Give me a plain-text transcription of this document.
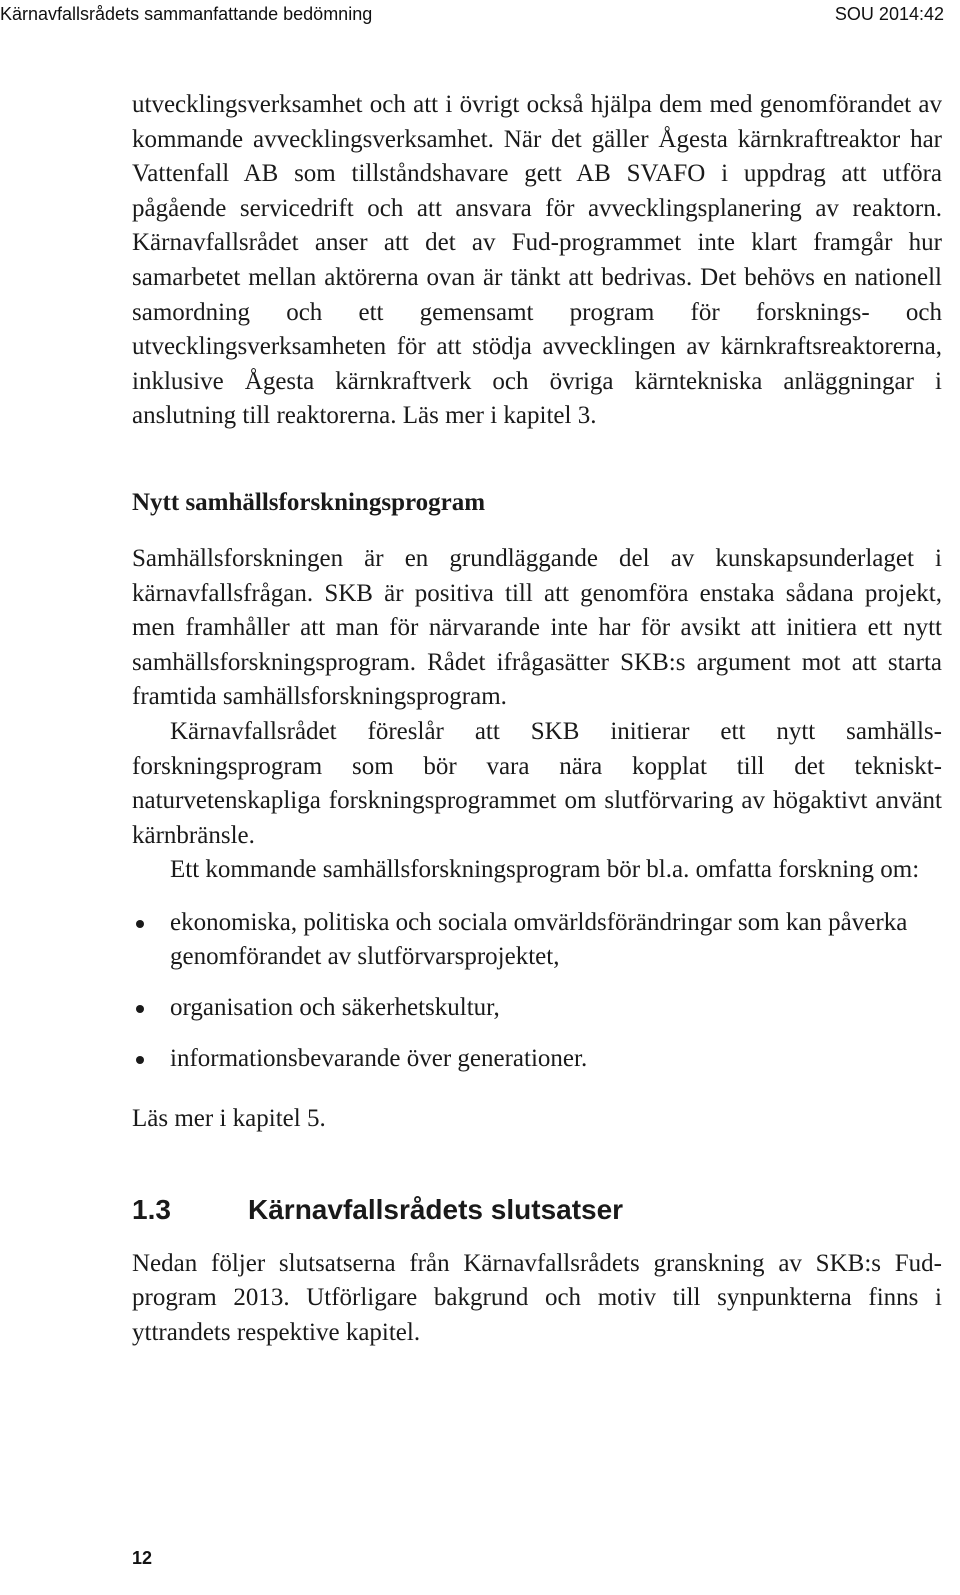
Kärnavfallsrådets sammanfattande bedömning	SOU 2014:42

utvecklingsverksamhet och att i övrigt också hjälpa dem med genomförandet av kommande avvecklingsverksamhet. När det gäller Ågesta kärnkraftreaktor har Vattenfall AB som tillståndshavare gett AB SVAFO i uppdrag att utföra pågående servicedrift och att ansvara för avvecklingsplanering av reaktorn. Kärnavfallsrådet anser att det av Fud-programmet inte klart framgår hur samarbetet mellan aktörerna ovan är tänkt att bedrivas. Det behövs en nationell samordning och ett gemensamt program för forsknings- och utvecklingsverksamheten för att stödja avvecklingen av kärnkraftsreaktorerna, inklusive Ågesta kärnkraftverk och övriga kärntekniska anläggningar i anslutning till reaktorerna. Läs mer i kapitel 3.

Nytt samhällsforskningsprogram

Samhällsforskningen är en grundläggande del av kunskapsunderlaget i kärnavfallsfrågan. SKB är positiva till att genomföra enstaka sådana projekt, men framhåller att man för närvarande inte har för avsikt att initiera ett nytt samhällsforskningsprogram. Rådet ifrågasätter SKB:s argument mot att starta framtida samhällsforskningsprogram.

Kärnavfallsrådet föreslår att SKB initierar ett nytt samhällsforskningsprogram som bör vara nära kopplat till det tekniskt-naturvetenskapliga forskningsprogrammet om slutförvaring av högaktivt använt kärnbränsle.

Ett kommande samhällsforskningsprogram bör bl.a. omfatta forskning om:

ekonomiska, politiska och sociala omvärldsförändringar som kan påverka genomförandet av slutförvarsprojektet,
organisation och säkerhetskultur,
informationsbevarande över generationer.

Läs mer i kapitel 5.

1.3	Kärnavfallsrådets slutsatser

Nedan följer slutsatserna från Kärnavfallsrådets granskning av SKB:s Fud-program 2013. Utförligare bakgrund och motiv till synpunkterna finns i yttrandets respektive kapitel.

12
